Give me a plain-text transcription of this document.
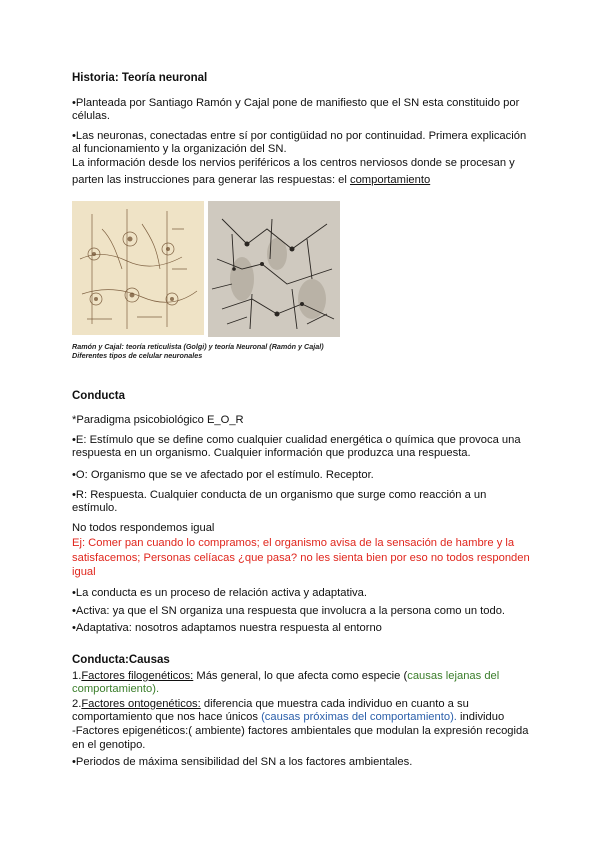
Historia: Teoría neuronal
•Planteada por Santiago Ramón y Cajal pone de manifiesto que el SN esta constituido por células.
•Las neuronas, conectadas entre sí por contigüidad no por continuidad. Primera explicación
al funcionamiento y la organización del SN.
La información desde los nervios periféricos a los centros nerviosos donde se procesan y
parten las instrucciones para generar las respuestas: el comportamiento
Ramón y Cajal: teoría reticulista (Golgi) y teoría Neuronal (Ramón y Cajal)
Diferentes tipos de celular neuronales
Conducta
*Paradigma psicobiológico E_O_R
•E: Estímulo que se define como cualquier cualidad energética o química que provoca una respuesta en un organismo. Cualquier información que produzca una respuesta.
•O: Organismo que se ve afectado por el estímulo. Receptor.
•R: Respuesta. Cualquier conducta de un organismo que surge como reacción a un estímulo.
No todos respondemos igual
Ej: Comer pan cuando lo compramos; el organismo avisa de la sensación de hambre y la satisfacemos; Personas celíacas ¿que pasa? no les sienta bien por eso no todos responden igual
•La conducta es un proceso de relación activa y adaptativa.
•Activa: ya que el SN organiza una respuesta que involucra a la persona como un todo.
•Adaptativa: nosotros adaptamos nuestra respuesta al entorno
Conducta:Causas
1.Factores filogenéticos: Más general, lo que afecta como especie (causas lejanas del comportamiento).
2.Factores ontogenéticos: diferencia que muestra cada individuo en cuanto a su comportamiento que nos hace únicos (causas próximas del comportamiento). individuo
-Factores epigenéticos:( ambiente) factores ambientales que modulan la expresión recogida en el genotipo.
•Periodos de máxima sensibilidad del SN a los factores ambientales.
